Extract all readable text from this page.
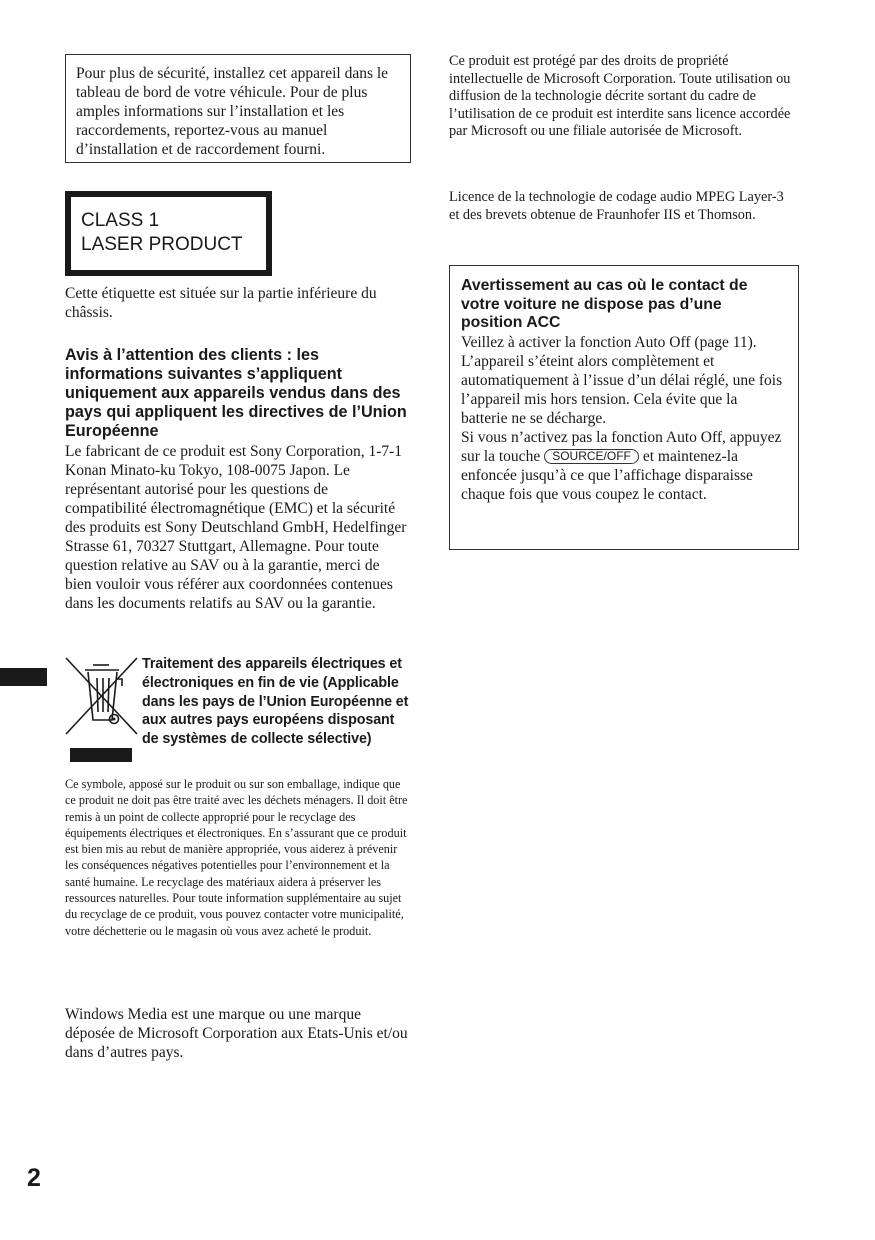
Pour plus de sécurité, installez cet appareil dans le tableau de bord de votre véhicule. Pour de plus amples informations sur l’installation et les raccordements, reportez-vous au manuel d’installation et de raccordement fourni.

CLASS 1
LASER PRODUCT

Cette étiquette est située sur la partie inférieure du châssis.

Avis à l’attention des clients : les informations suivantes s’appliquent uniquement aux appareils vendus dans des pays qui appliquent les directives de l’Union Européenne

Le fabricant de ce produit est Sony Corporation, 1-7-1 Konan Minato-ku Tokyo, 108-0075 Japon. Le représentant autorisé pour les questions de compatibilité électromagnétique (EMC) et la sécurité des produits est Sony Deutschland GmbH, Hedelfinger Strasse 61, 70327 Stuttgart, Allemagne. Pour toute question relative au SAV ou à la garantie, merci de bien vouloir vous référer aux coordonnées contenues dans les documents relatifs au SAV ou la garantie.

Traitement des appareils électriques et électroniques en fin de vie (Applicable dans les pays de l’Union Européenne et aux autres pays européens disposant de systèmes de collecte sélective)

Ce symbole, apposé sur le produit ou sur son emballage, indique que ce produit ne doit pas être traité avec les déchets ménagers. Il doit être remis à un point de collecte approprié pour le recyclage des équipements électriques et électroniques. En s’assurant que ce produit est bien mis au rebut de manière appropriée, vous aiderez à prévenir les conséquences négatives potentielles pour l’environnement et la santé humaine. Le recyclage des matériaux aidera à préserver les ressources naturelles. Pour toute information supplémentaire au sujet du recyclage de ce produit, vous pouvez contacter votre municipalité, votre déchetterie ou le magasin où vous avez acheté le produit.

Windows Media est une marque ou une marque déposée de Microsoft Corporation aux Etats-Unis et/ou dans d’autres pays.

2

Ce produit est protégé par des droits de propriété intellectuelle de Microsoft Corporation. Toute utilisation ou diffusion de la technologie décrite sortant du cadre de l’utilisation de ce produit est interdite sans licence accordée par Microsoft ou une filiale autorisée de Microsoft.

Licence de la technologie de codage audio MPEG Layer-3 et des brevets obtenue de Fraunhofer IIS et Thomson.

Avertissement au cas où le contact de votre voiture ne dispose pas d’une position ACC

Veillez à activer la fonction Auto Off (page 11).

L’appareil s’éteint alors complètement et automatiquement à l’issue d’un délai réglé, une fois l’appareil mis hors tension. Cela évite que la batterie ne se décharge.

Si vous n’activez pas la fonction Auto Off, appuyez sur la touche SOURCE/OFF et maintenez-la enfoncée jusqu’à ce que l’affichage disparaisse chaque fois que vous coupez le contact.
